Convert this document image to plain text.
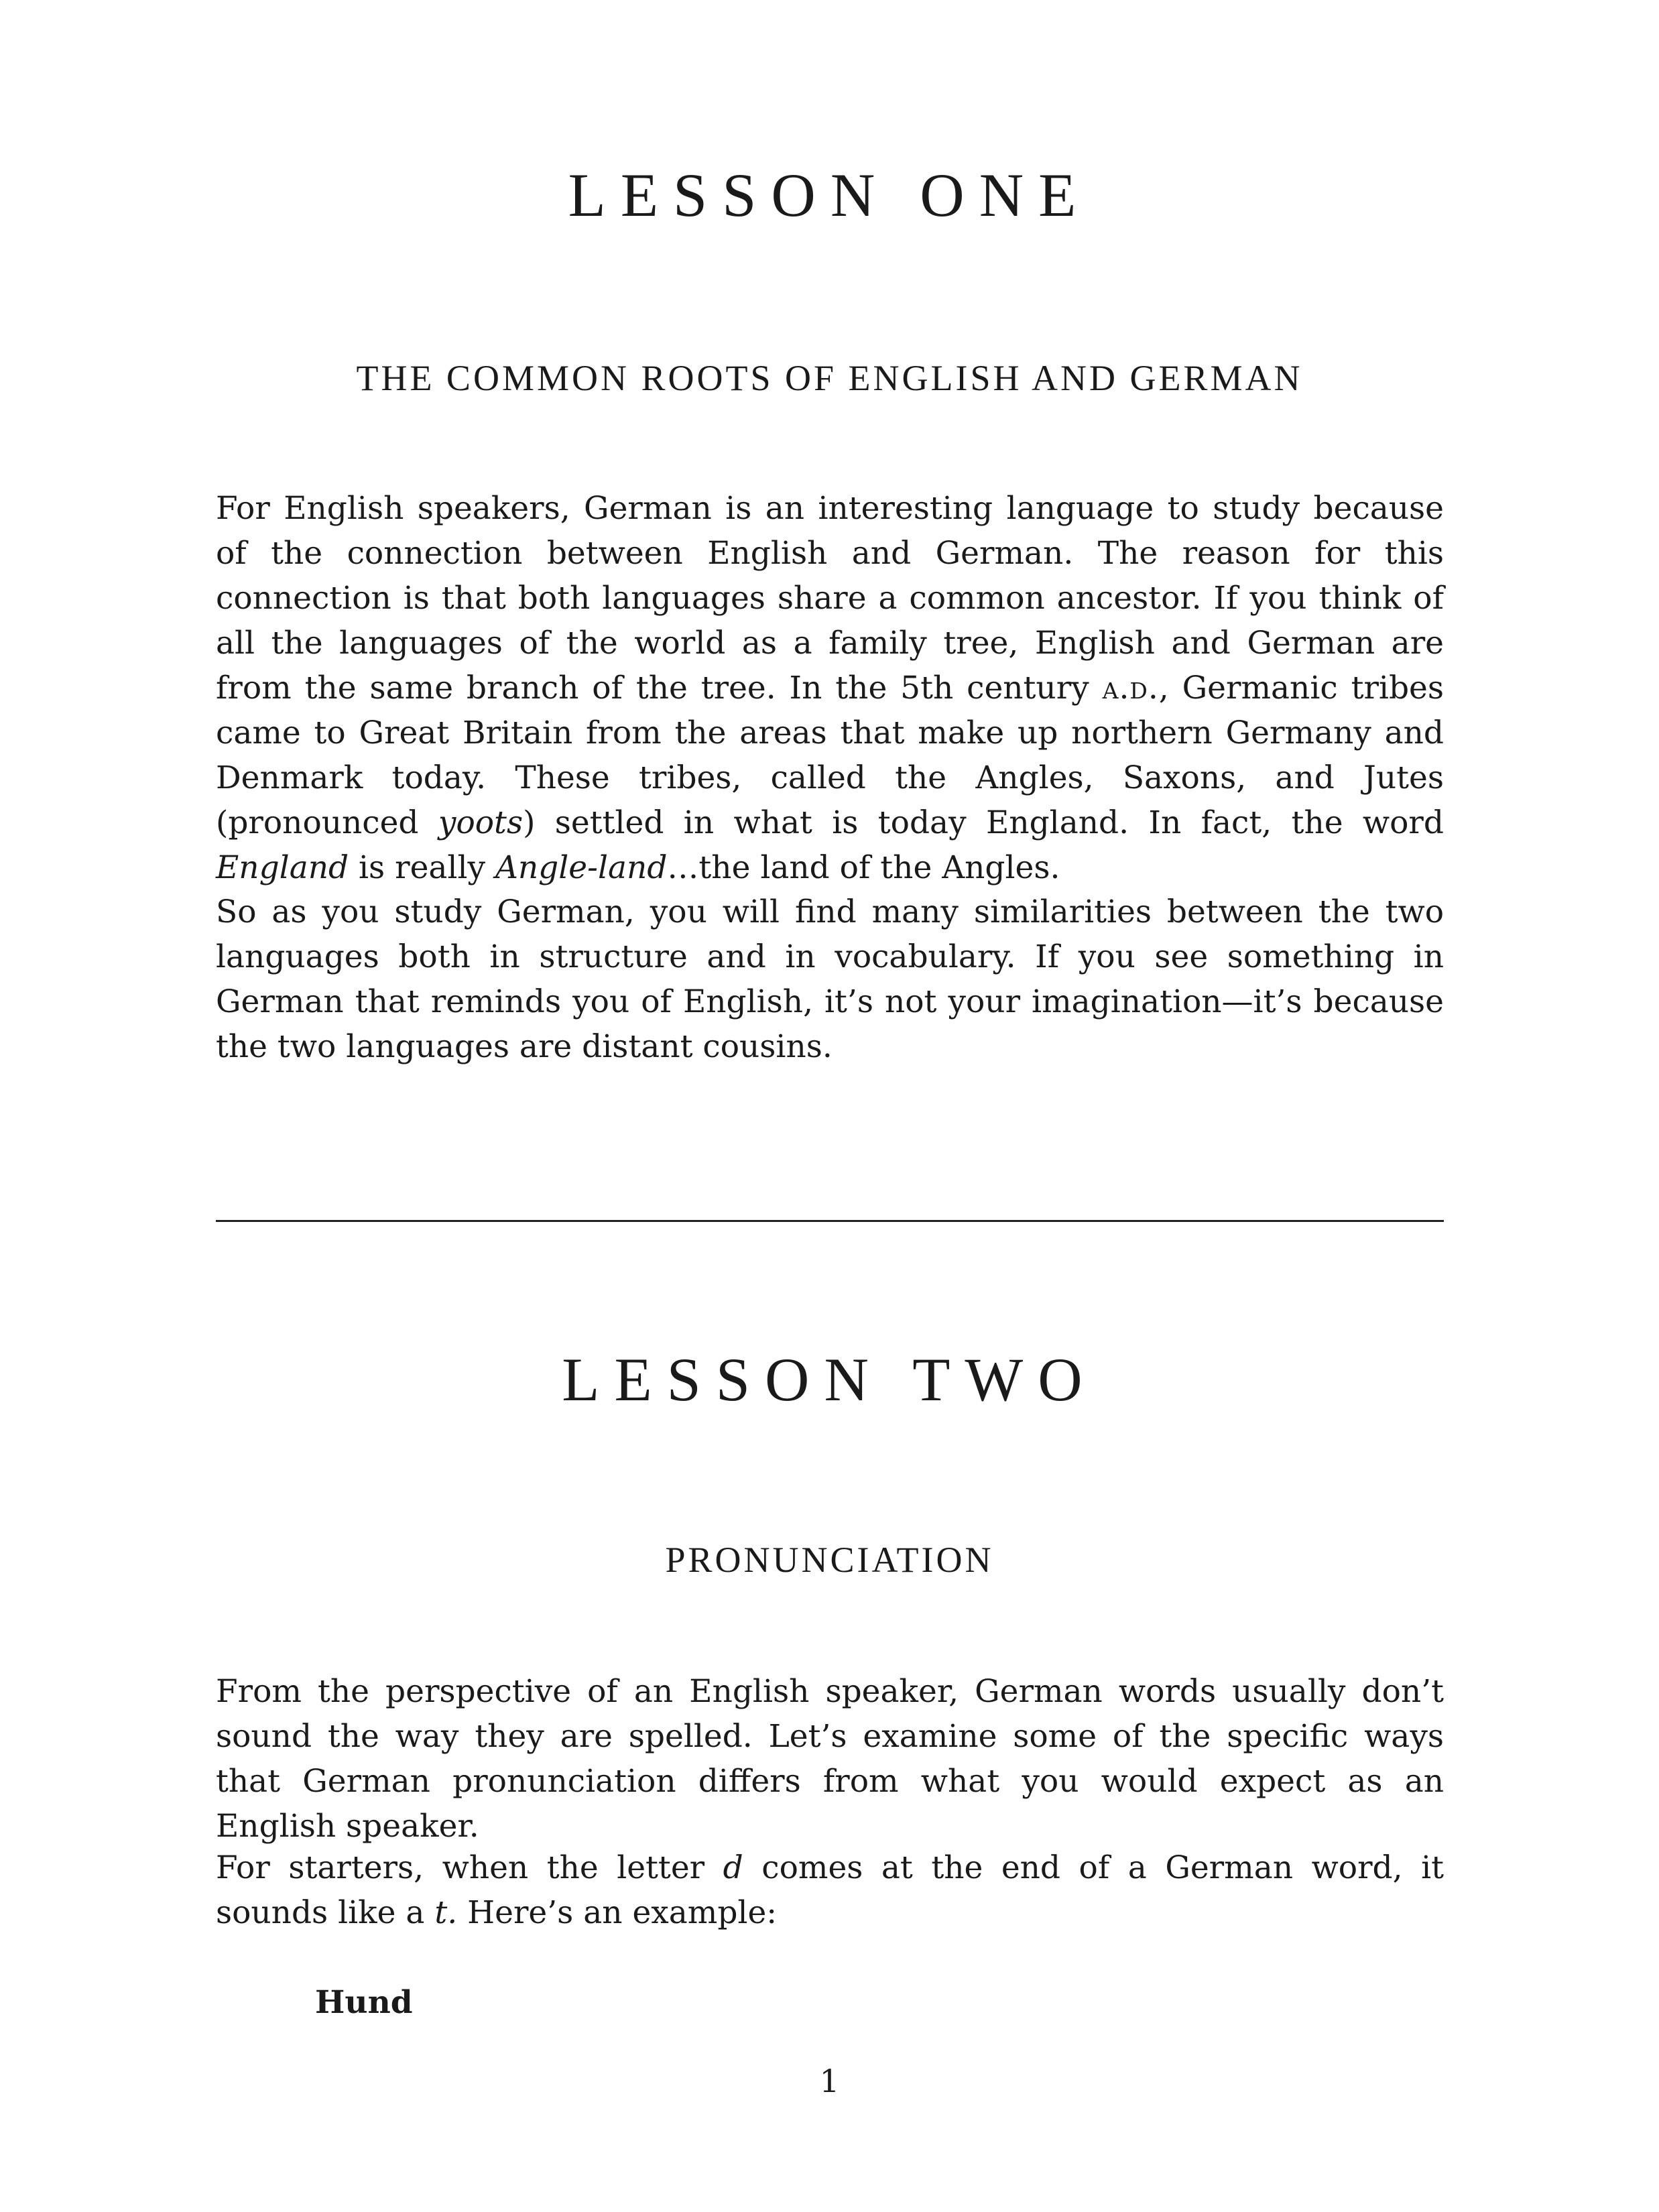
LESSON ONE
THE COMMON ROOTS OF ENGLISH AND GERMAN

For English speakers, German is an interesting language to study because of the connection between English and German. The reason for this connection is that both languages share a common ancestor. If you think of all the languages of the world as a family tree, English and German are from the same branch of the tree. In the 5th century a.d., Germanic tribes came to Great Britain from the areas that make up northern Germany and Denmark today. These tribes, called the Angles, Saxons, and Jutes (pronounced yoots) settled in what is today England. In fact, the word England is really Angle-land…the land of the Angles.

So as you study German, you will find many similarities between the two languages both in structure and in vocabulary. If you see something in German that reminds you of English, it’s not your imagination—it’s because the two languages are distant cousins.

LESSON TWO
PRONUNCIATION

From the perspective of an English speaker, German words usually don’t sound the way they are spelled. Let’s examine some of the specific ways that German pronunciation differs from what you would expect as an English speaker.

For starters, when the letter d comes at the end of a German word, it sounds like a t. Here’s an example:

Hund

1
